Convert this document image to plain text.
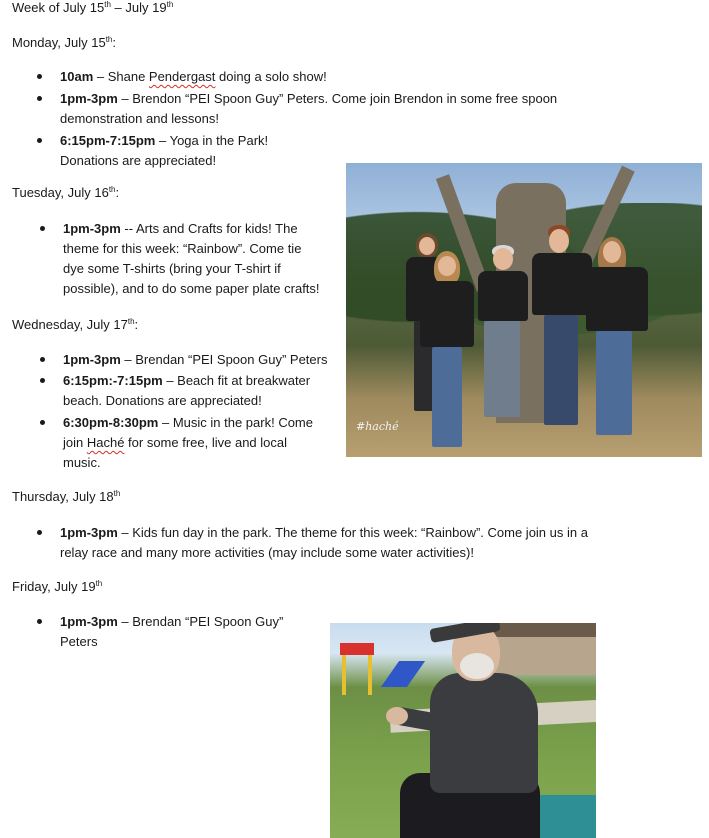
Week of July 15th – July 19th
Monday, July 15th:
10am – Shane Pendergast doing a solo show!
1pm-3pm – Brendon “PEI Spoon Guy” Peters. Come join Brendon in some free spoon
demonstration and lessons!
6:15pm-7:15pm – Yoga in the Park!
Donations are appreciated!
Tuesday, July 16th:
1pm-3pm -- Arts and Crafts for kids! The
theme for this week: “Rainbow”. Come tie
dye some T-shirts (bring your T-shirt if
possible), and to do some paper plate crafts!
Wednesday, July 17th:
1pm-3pm – Brendan “PEI Spoon Guy” Peters
6:15pm:-7:15pm – Beach fit at breakwater
beach. Donations are appreciated!
6:30pm-8:30pm – Music in the park! Come
join Haché for some free, live and local
music.
Thursday, July 18th
1pm-3pm – Kids fun day in the park. The theme for this week: “Rainbow”. Come join us in a
relay race and many more activities (may include some water activities)!
Friday, July 19th
1pm-3pm – Brendan “PEI Spoon Guy”
Peters
#haché
